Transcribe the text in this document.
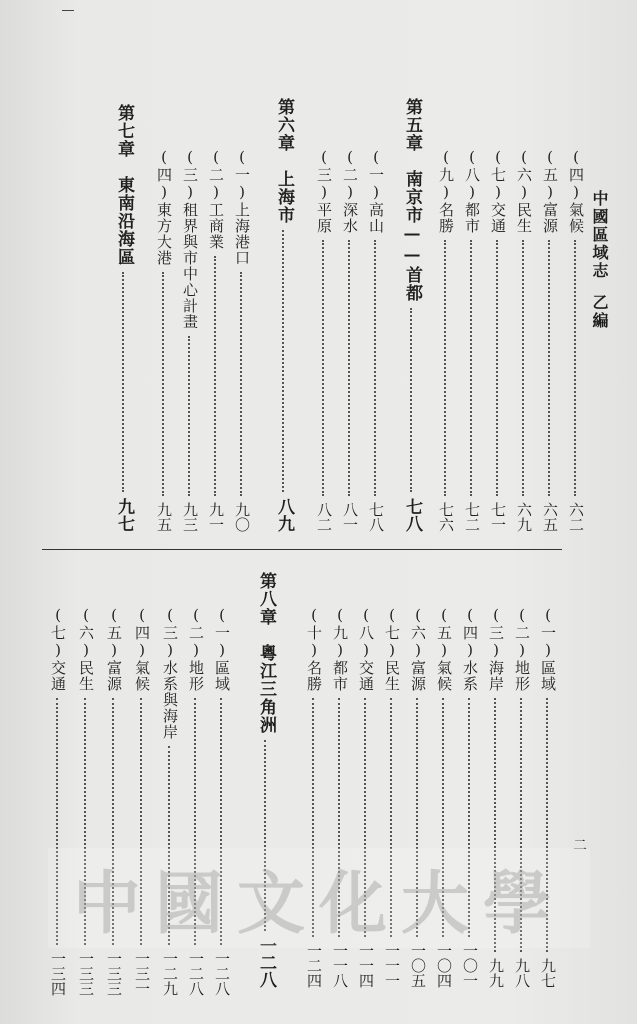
中國區域志乙編
(四)氣候
六二
(五)富源
六五
(六)民生
六九
(七)交通
七一
(八)都市
七二
(九)名勝
七六
第五章　南京市——首都
七八
(一)高山
七八
(二)深水
八一
(三)平原
八二
第六章　上海市
八九
(一)上海港口
九〇
(二)工商業
九一
(三)租界與市中心計畫
九三
(四)東方大港
九五
第七章　東南沿海區
九七
(一)區域
九七
(二)地形
九八
(三)海岸
九九
(四)水系
一〇一
(五)氣候
一〇四
(六)富源
一〇五
(七)民生
一一一
(八)交通
一一四
(九)都市
一一八
(十)名勝
一二四
第八章　粵江三角洲
一二八
(一)區域
一二八
(二)地形
一二八
(三)水系與海岸
一二九
(四)氣候
一三一
(五)富源
一三三
(六)民生
一三三
(七)交通
一三四
二
中國文化大學
